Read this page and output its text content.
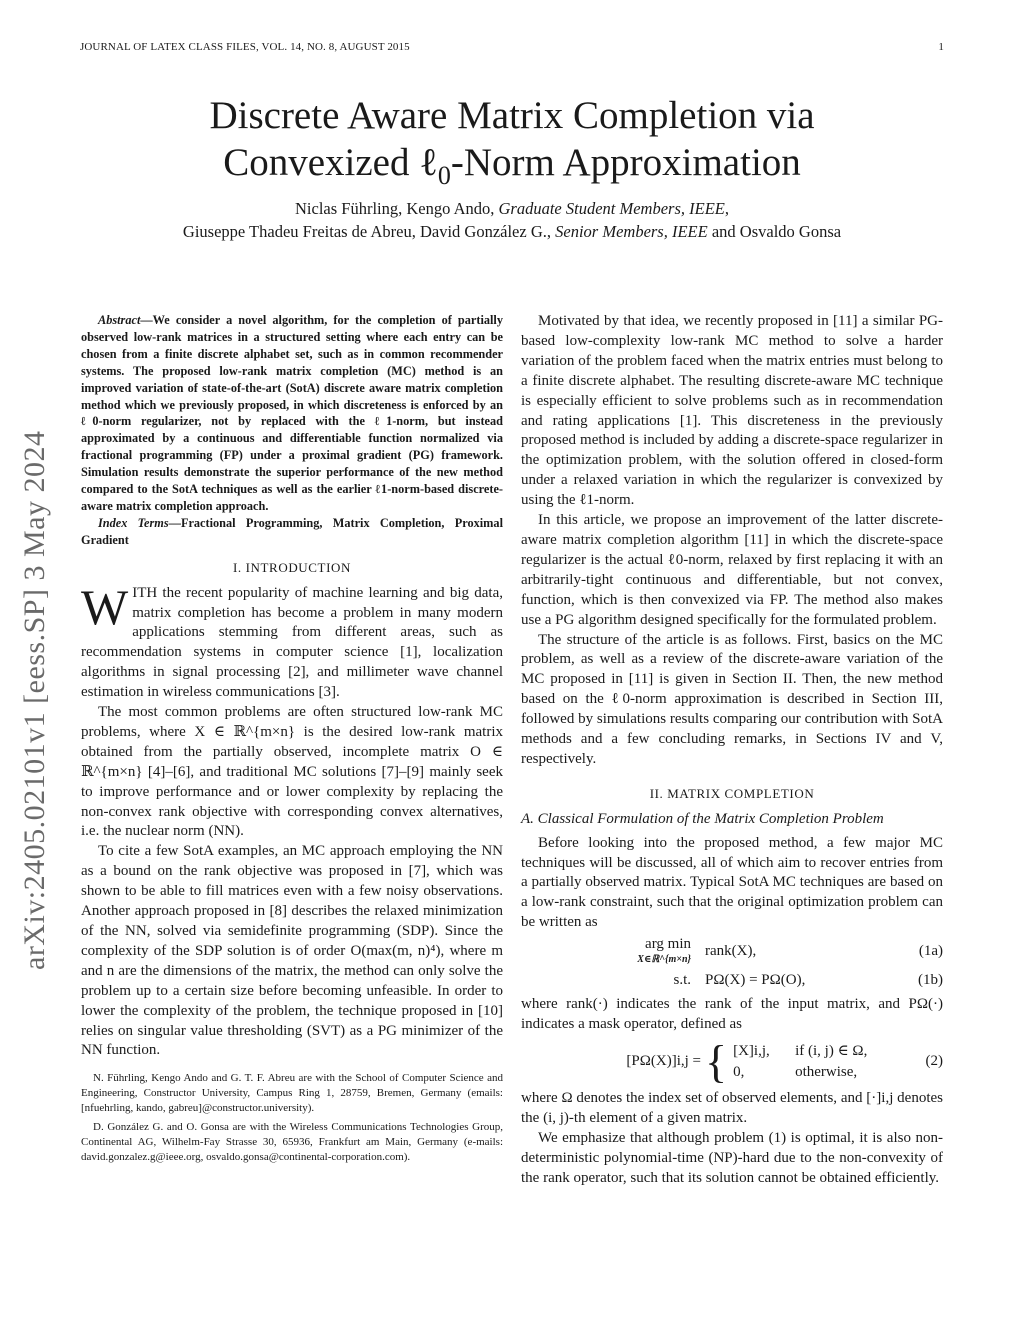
JOURNAL OF LATEX CLASS FILES, VOL. 14, NO. 8, AUGUST 2015	1
Discrete Aware Matrix Completion via
Convexized ℓ$_0$-Norm Approximation
Niclas Führling, Kengo Ando, Graduate Student Members, IEEE,
Giuseppe Thadeu Freitas de Abreu, David González G., Senior Members, IEEE and Osvaldo Gonsa
arXiv:2405.02101v1 [eess.SP] 3 May 2024

Abstract—We consider a novel algorithm, for the completion of partially observed low-rank matrices in a structured setting where each entry can be chosen from a finite discrete alphabet set, such as in common recommender systems. The proposed low-rank matrix completion (MC) method is an improved variation of state-of-the-art (SotA) discrete aware matrix completion method which we previously proposed, in which discreteness is enforced by an ℓ0-norm regularizer, not by replaced with the ℓ1-norm, but instead approximated by a continuous and differentiable function normalized via fractional programming (FP) under a proximal gradient (PG) framework. Simulation results demonstrate the superior performance of the new method compared to the SotA techniques as well as the earlier ℓ1-norm-based discrete-aware matrix completion approach.

Index Terms—Fractional Programming, Matrix Completion, Proximal Gradient

I. INTRODUCTION

WITH the recent popularity of machine learning and big data, matrix completion has become a problem in many modern applications stemming from different areas, such as recommendation systems in computer science [1], localization algorithms in signal processing [2], and millimeter wave channel estimation in wireless communications [3].

The most common problems are often structured low-rank MC problems, where X ∈ ℝ^{m×n} is the desired low-rank matrix obtained from the partially observed, incomplete matrix O ∈ ℝ^{m×n} [4]–[6], and traditional MC solutions [7]–[9] mainly seek to improve performance and or lower complexity by replacing the non-convex rank objective with corresponding convex alternatives, i.e. the nuclear norm (NN).

To cite a few SotA examples, an MC approach employing the NN as a bound on the rank objective was proposed in [7], which was shown to be able to fill matrices even with a few noisy observations. Another approach proposed in [8] describes the relaxed minimization of the NN, solved via semidefinite programming (SDP). Since the complexity of the SDP solution is of order O(max(m, n)⁴), where m and n are the dimensions of the matrix, the method can only solve the problem up to a certain size before becoming unfeasible. In order to lower the complexity of the problem, the technique proposed in [10] relies on singular value thresholding (SVT) as a PG minimizer of the NN function.

N. Führling, Kengo Ando and G. T. F. Abreu are with the School of Computer Science and Engineering, Constructor University, Campus Ring 1, 28759, Bremen, Germany (emails: [nfuehrling, kando, gabreu]@constructor.university).

D. González G. and O. Gonsa are with the Wireless Communications Technologies Group, Continental AG, Wilhelm-Fay Strasse 30, 65936, Frankfurt am Main, Germany (e-mails: david.gonzalez.g@ieee.org, osvaldo.gonsa@continental-corporation.com).

Motivated by that idea, we recently proposed in [11] a similar PG-based low-complexity low-rank MC method to solve a harder variation of the problem faced when the matrix entries must belong to a finite discrete alphabet. The resulting discrete-aware MC technique is especially efficient to solve problems such as in recommendation and rating applications [1]. This discreteness in the previously proposed method is included by adding a discrete-space regularizer in the optimization problem, with the solution offered in closed-form under a relaxed variation in which the regularizer is convexized by using the ℓ1-norm.

In this article, we propose an improvement of the latter discrete-aware matrix completion algorithm [11] in which the discrete-space regularizer is the actual ℓ0-norm, relaxed by first replacing it with an arbitrarily-tight continuous and differentiable, but not convex, function, which is then convexized via FP. The method also makes use a PG algorithm designed specifically for the formulated problem.

The structure of the article is as follows. First, basics on the MC problem, as well as a review of the discrete-aware variation of the MC proposed in [11] is given in Section II. Then, the new method based on the ℓ0-norm approximation is described in Section III, followed by simulations results comparing our contribution with SotA methods and a few concluding remarks, in Sections IV and V, respectively.

II. MATRIX COMPLETION

A. Classical Formulation of the Matrix Completion Problem

Before looking into the proposed method, a few major MC techniques will be discussed, all of which aim to recover entries from a partially observed matrix. Typical SotA MC techniques are based on a low-rank constraint, such that the original optimization problem can be written as

arg min
X∈ℝ^{m×n}
rank(X),	(1a)
s.t. PΩ(X) = PΩ(O),	(1b)

where rank(·) indicates the rank of the input matrix, and PΩ(·) indicates a mask operator, defined as

[PΩ(X)]i,j = { [X]i,j, if (i, j) ∈ Ω,
0,	otherwise,
(2)

where Ω denotes the index set of observed elements, and [·]i,j denotes the (i, j)-th element of a given matrix.

We emphasize that although problem (1) is optimal, it is also non-deterministic polynomial-time (NP)-hard due to the non-convexity of the rank operator, such that its solution cannot be obtained efficiently.
